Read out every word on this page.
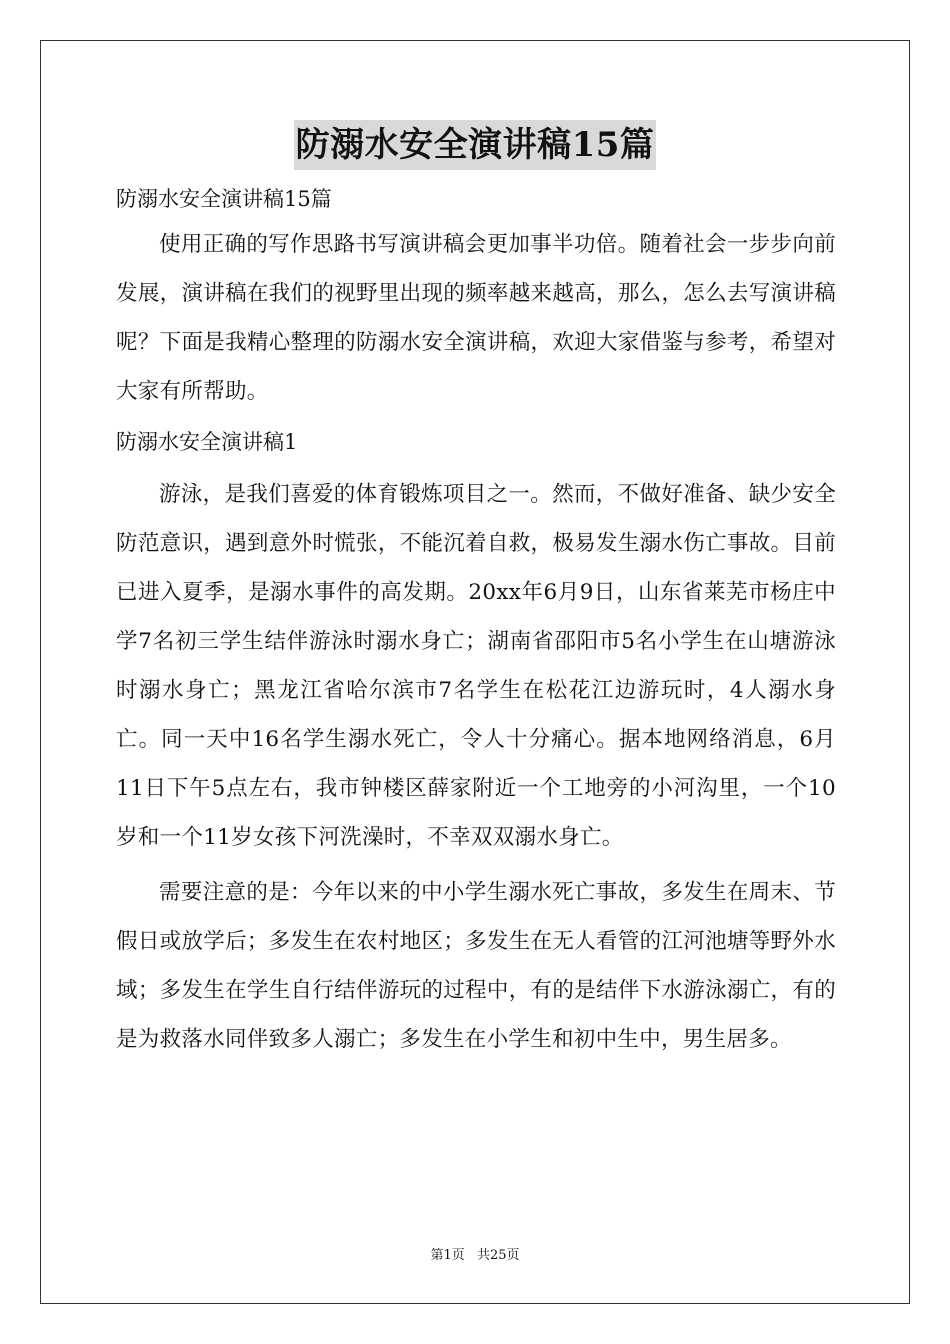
防溺水安全演讲稿15篇

防溺水安全演讲稿15篇

使用正确的写作思路书写演讲稿会更加事半功倍。随着社会一步步向前发展，演讲稿在我们的视野里出现的频率越来越高，那么，怎么去写演讲稿呢？下面是我精心整理的防溺水安全演讲稿，欢迎大家借鉴与参考，希望对大家有所帮助。

防溺水安全演讲稿1

游泳，是我们喜爱的体育锻炼项目之一。然而，不做好准备、缺少安全防范意识，遇到意外时慌张，不能沉着自救，极易发生溺水伤亡事故。目前已进入夏季，是溺水事件的高发期。20xx年6月9日，山东省莱芜市杨庄中学7名初三学生结伴游泳时溺水身亡；湖南省邵阳市5名小学生在山塘游泳时溺水身亡；黑龙江省哈尔滨市7名学生在松花江边游玩时，4人溺水身亡。同一天中16名学生溺水死亡，令人十分痛心。据本地网络消息，6月11日下午5点左右，我市钟楼区薛家附近一个工地旁的小河沟里，一个10岁和一个11岁女孩下河洗澡时，不幸双双溺水身亡。

需要注意的是：今年以来的中小学生溺水死亡事故，多发生在周末、节假日或放学后；多发生在农村地区；多发生在无人看管的江河池塘等野外水域；多发生在学生自行结伴游玩的过程中，有的是结伴下水游泳溺亡，有的是为救落水同伴致多人溺亡；多发生在小学生和初中生中，男生居多。

第1页 共25页
